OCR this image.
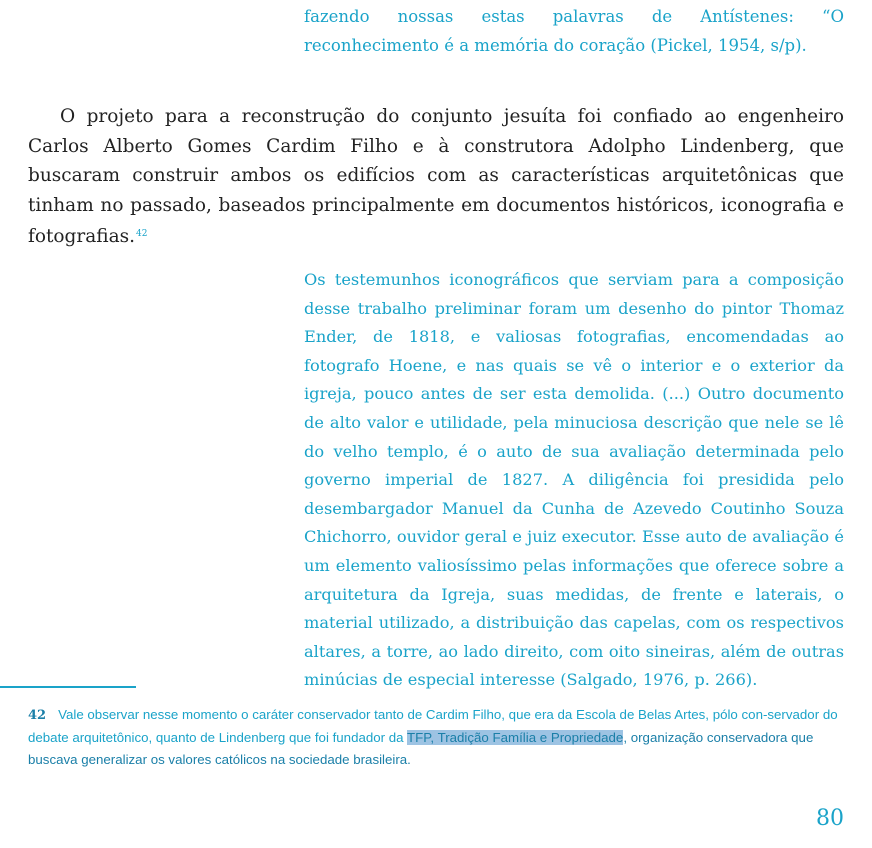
fazendo nossas estas palavras de Antístenes: “O reconhecimento é a memória do coração (Pickel, 1954, s/p).
O projeto para a reconstrução do conjunto jesuíta foi confiado ao engenheiro Carlos Alberto Gomes Cardim Filho e à construtora Adolpho Lindenberg, que buscaram construir ambos os edifícios com as características arquitetônicas que tinham no passado, baseados principalmente em documentos históricos, iconografia e fotografias.$^{42}$
Os testemunhos iconográficos que serviam para a composição desse trabalho preliminar foram um desenho do pintor Thomaz Ender, de 1818, e valiosas fotografias, encomendadas ao fotografo Hoene, e nas quais se vê o interior e o exterior da igreja, pouco antes de ser esta demolida. (...) Outro documento de alto valor e utilidade, pela minuciosa descrição que nele se lê do velho templo, é o auto de sua avaliação determinada pelo governo imperial de 1827. A diligência foi presidida pelo desembargador Manuel da Cunha de Azevedo Coutinho Souza Chichorro, ouvidor geral e juiz executor. Esse auto de avaliação é um elemento valiosíssimo pelas informações que oferece sobre a arquitetura da Igreja, suas medidas, de frente e laterais, o material utilizado, a distribuição das capelas, com os respectivos altares, a torre, ao lado direito, com oito sineiras, além de outras minúcias de especial interesse (Salgado, 1976, p. 266).
42 Vale observar nesse momento o caráter conservador tanto de Cardim Filho, que era da Escola de Belas Artes, pólo con-servador do debate arquitetônico, quanto de Lindenberg que foi fundador da TFP, Tradição Família e Propriedade, organização conservadora que buscava generalizar os valores católicos na sociedade brasileira.
80
